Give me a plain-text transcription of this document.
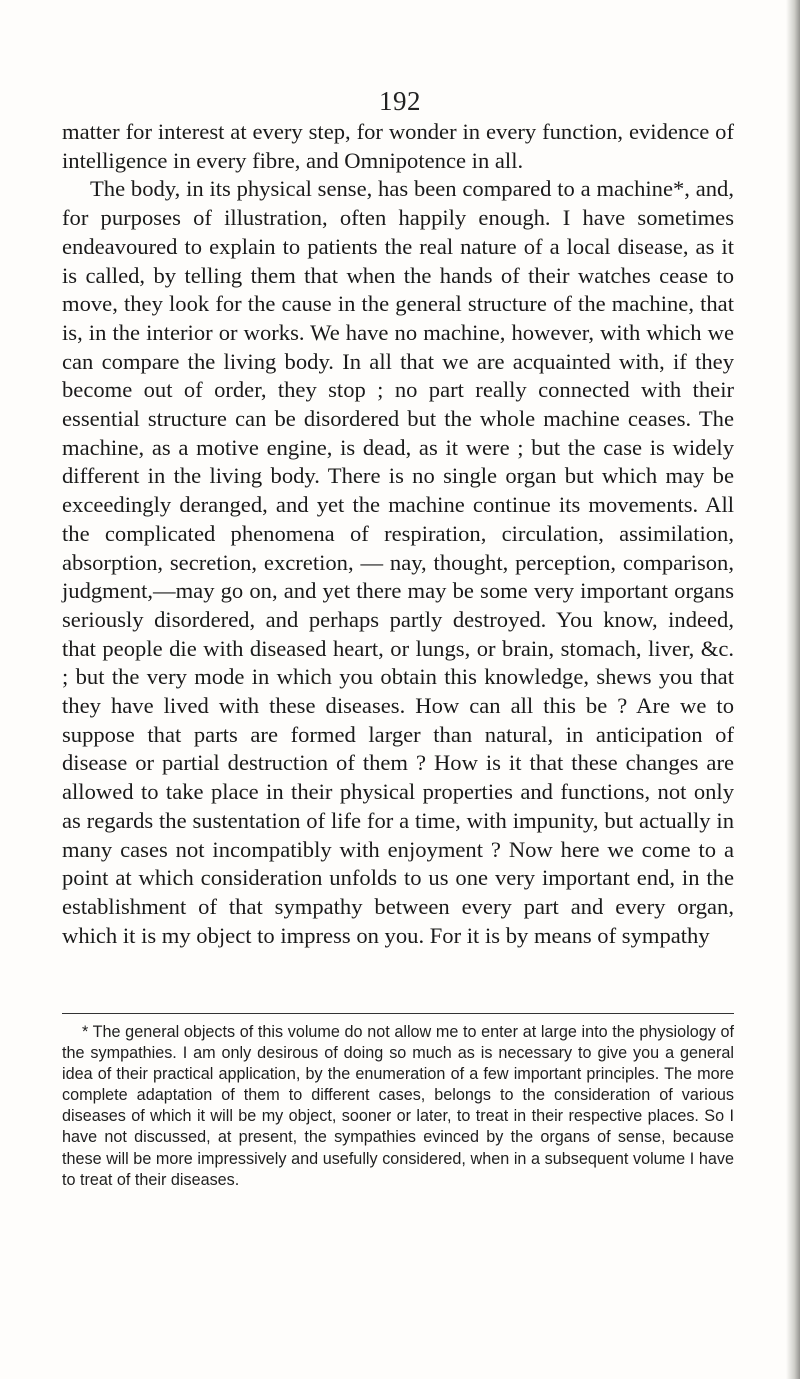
192

matter for interest at every step, for wonder in every function, evidence of intelligence in every fibre, and Omnipotence in all.

The body, in its physical sense, has been compared to a machine*, and, for purposes of illustration, often happily enough. I have sometimes endeavoured to explain to patients the real nature of a local disease, as it is called, by telling them that when the hands of their watches cease to move, they look for the cause in the general structure of the machine, that is, in the interior or works. We have no machine, however, with which we can compare the living body. In all that we are acquainted with, if they become out of order, they stop ; no part really connected with their essential structure can be disordered but the whole machine ceases. The machine, as a motive engine, is dead, as it were ; but the case is widely different in the living body. There is no single organ but which may be exceedingly deranged, and yet the machine continue its movements. All the complicated phenomena of respiration, circulation, assimilation, absorption, secretion, excretion, — nay, thought, perception, comparison, judgment,—may go on, and yet there may be some very important organs seriously disordered, and perhaps partly destroyed. You know, indeed, that people die with diseased heart, or lungs, or brain, stomach, liver, &c. ; but the very mode in which you obtain this knowledge, shews you that they have lived with these diseases. How can all this be ? Are we to suppose that parts are formed larger than natural, in anticipation of disease or partial destruction of them ? How is it that these changes are allowed to take place in their physical properties and functions, not only as regards the sustentation of life for a time, with impunity, but actually in many cases not incompatibly with enjoyment ? Now here we come to a point at which consideration unfolds to us one very important end, in the establishment of that sympathy between every part and every organ, which it is my object to impress on you. For it is by means of sympathy

* The general objects of this volume do not allow me to enter at large into the physiology of the sympathies. I am only desirous of doing so much as is necessary to give you a general idea of their practical application, by the enumeration of a few important principles. The more complete adaptation of them to different cases, belongs to the consideration of various diseases of which it will be my object, sooner or later, to treat in their respective places. So I have not discussed, at present, the sympathies evinced by the organs of sense, because these will be more impressively and usefully considered, when in a subsequent volume I have to treat of their diseases.
